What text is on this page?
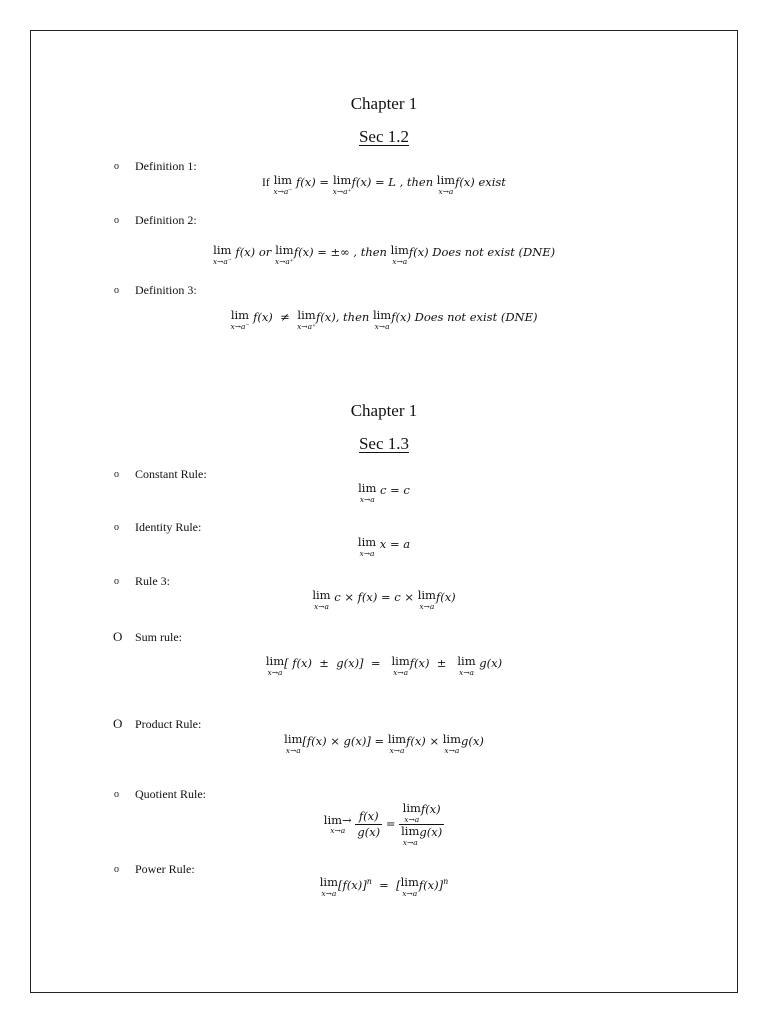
Chapter 1
Sec 1.2
o Definition 1:
If lim
x→a⁻
f(x) = lim
x→a⁺
f(x) = L , then lim
x→a
f(x) exist
o Definition 2:
lim
x→a⁻
f(x) or lim
x→a⁺
f(x) = ±∞ , then lim
x→a
f(x) Does not exist (DNE)
o Definition 3:
lim
x→a⁻
f(x)  ≠ lim
x→a⁺
f(x), then lim
x→a
f(x) Does not exist (DNE)
Chapter 1
Sec 1.3
o Constant Rule:
lim
x→a
c = c
o Identity Rule:
lim
x→a
x = a
o Rule 3:
lim
x→a
c × f(x) = c × lim
x→a
f(x)
O Sum rule:
lim
x→a
[ f(x)  ±  g(x)]  = lim
x→a
f(x)  ± lim
x→a
g(x)
O Product Rule:
lim
x→a
[f(x) × g(x)] = lim
x→a
f(x) × lim
x→a
g(x)
o Quotient Rule:
lim→
x→a
$\frac{f(x)}{g(x)} = \lim$
x→a
f(x)
lim
x→a
g(x)
o Power Rule:
lim
x→a
$[f(x)]^n$  =  [ lim
x→a
f(x)]$^n$
